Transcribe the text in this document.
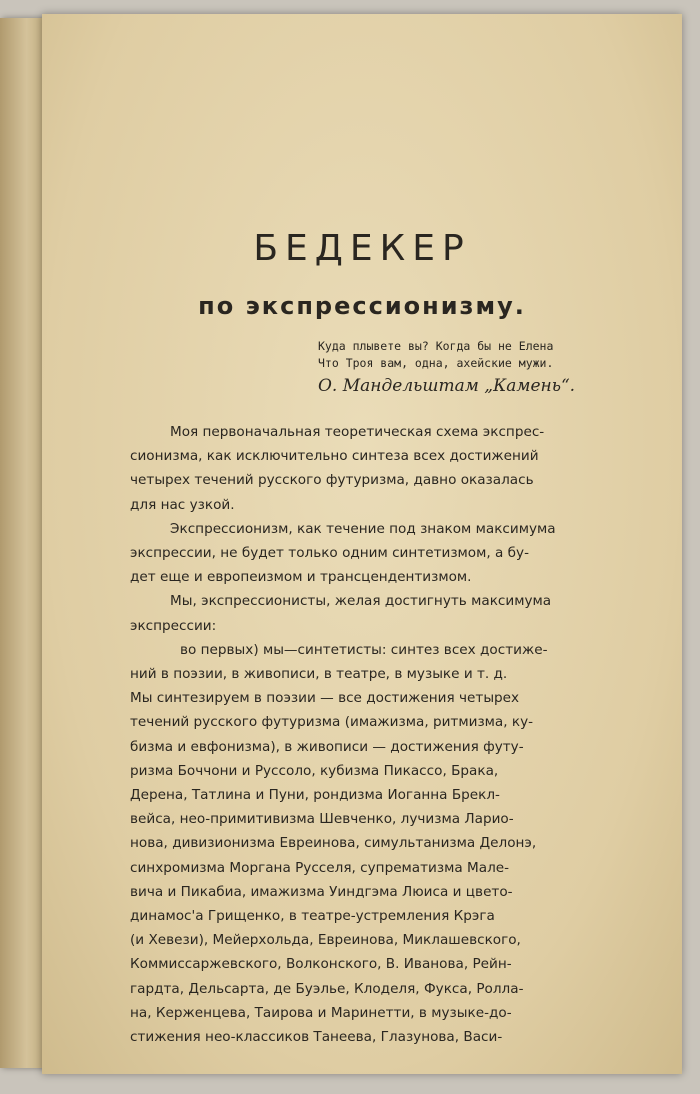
БЕДЕКЕР
по экспрессионизму.
Куда плывете вы? Когда бы не Елена
Что Троя вам, одна, ахейские мужи.
О. Мандельштам „Камень“.
Моя первоначальная теоретическая схема экспрес-
сионизма, как исключительно синтеза всех достижений
четырех течений русского футуризма, давно оказалась
для нас узкой.
Экспрессионизм, как течение под знаком максимума
экспрессии, не будет только одним синтетизмом, а бу-
дет еще и европеизмом и трансцендентизмом.
Мы, экспрессионисты, желая достигнуть максимума
экспрессии:
во первых) мы—синтетисты: синтез всех достиже-
ний в поэзии, в живописи, в театре, в музыке и т. д.
Мы синтезируем в поэзии — все достижения четырех
течений русского футуризма (имажизма, ритмизма, ку-
бизма и евфонизма), в живописи — достижения футу-
ризма Боччони и Руссоло, кубизма Пикассо, Брака,
Дерена, Татлина и Пуни, рондизма Иоганна Брекл-
вейса, нео-примитивизма Шевченко, лучизма Ларио-
нова, дивизионизма Евреинова, симультанизма Делонэ,
синхромизма Моргана Русселя, супрематизма Мале-
вича и Пикабиа, имажизма Уиндгэма Люиса и цвето-
динамос'а Грищенко, в театре-устремления Крэга
(и Хевези), Мейерхольда, Евреинова, Миклашевского,
Коммиссаржевского, Волконского, В. Иванова, Рейн-
гардта, Дельсарта, де Буэльe, Клоделя, Фукса, Ролла-
на, Керженцева, Таирова и Маринетти, в музыке-до-
стижения нео-классиков Танеева, Глазунова, Васи-
